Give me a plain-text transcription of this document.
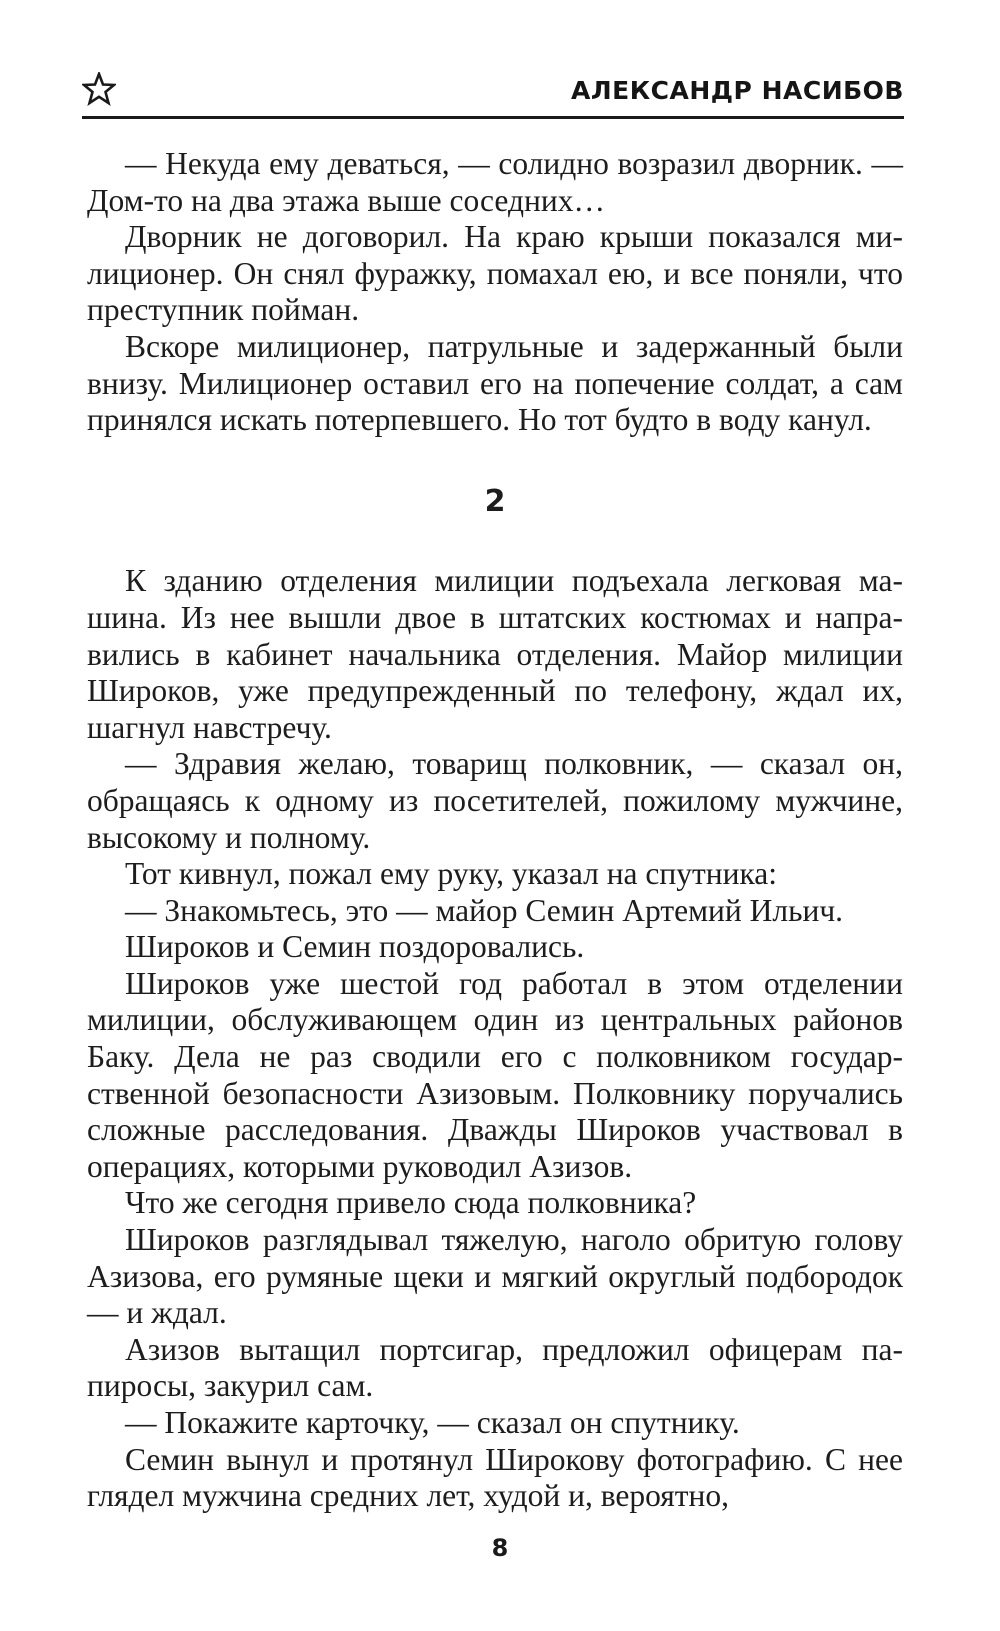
АЛЕКСАНДР НАСИБОВ

— Некуда ему деваться, — солидно возразил дворник. — Дом-то на два этажа выше соседних…

Дворник не договорил. На краю крыши показался милиционер. Он снял фуражку, помахал ею, и все поняли, что преступник пойман.

Вскоре милиционер, патрульные и задержанный были внизу. Милиционер оставил его на попечение солдат, а сам принялся искать потерпевшего. Но тот будто в воду канул.

2

К зданию отделения милиции подъехала легковая машина. Из нее вышли двое в штатских костюмах и направились в кабинет начальника отделения. Майор милиции Широков, уже предупрежденный по телефону, ждал их, шагнул навстречу.

— Здравия желаю, товарищ полковник, — сказал он, обращаясь к одному из посетителей, пожилому мужчине, высокому и полному.

Тот кивнул, пожал ему руку, указал на спутника:

— Знакомьтесь, это — майор Семин Артемий Ильич.

Широков и Семин поздоровались.

Широков уже шестой год работал в этом отделении милиции, обслуживающем один из центральных районов Баку. Дела не раз сводили его с полковником государственной безопасности Азизовым. Полковнику поручались сложные расследования. Дважды Широков участвовал в операциях, которыми руководил Азизов.

Что же сегодня привело сюда полковника?

Широков разглядывал тяжелую, наголо обритую голову Азизова, его румяные щеки и мягкий округлый подбородок — и ждал.

Азизов вытащил портсигар, предложил офицерам папиросы, закурил сам.

— Покажите карточку, — сказал он спутнику.

Семин вынул и протянул Широкову фотографию. С нее глядел мужчина средних лет, худой и, вероятно,

8
